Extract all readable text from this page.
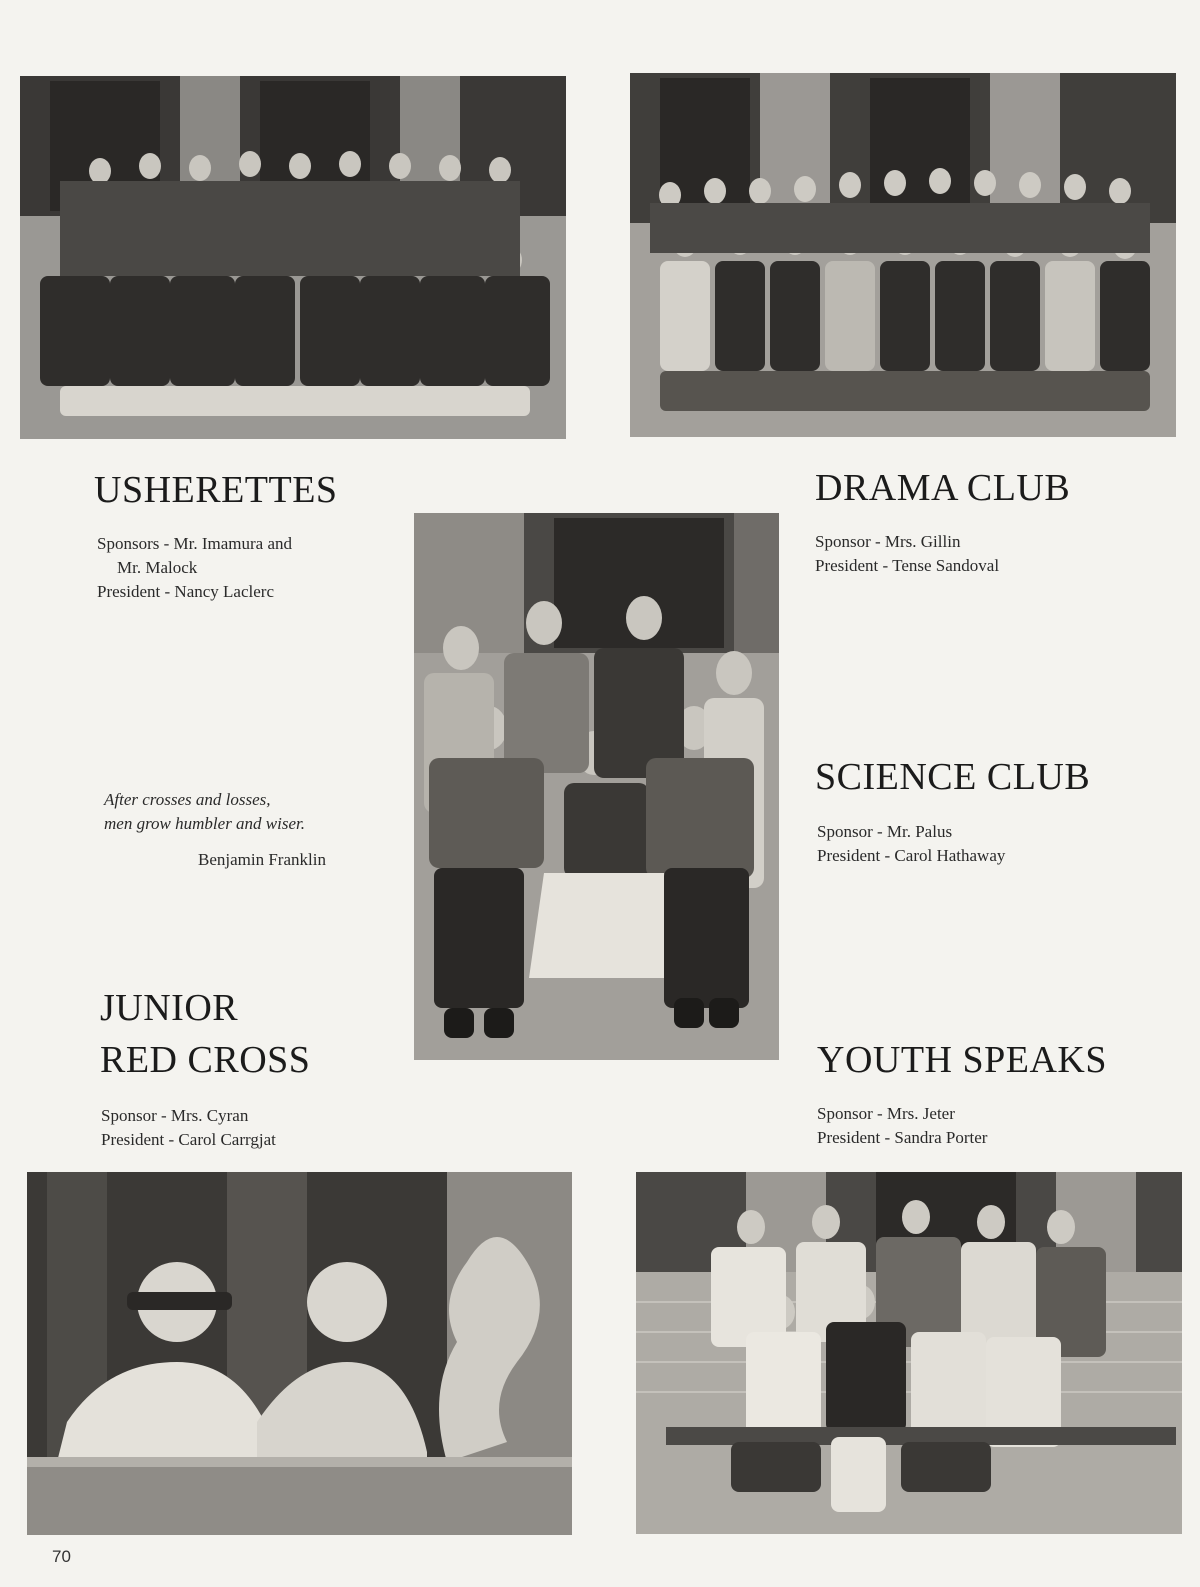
USHERETTES
Sponsors - Mr. Imamura and
Mr. Malock
President - Nancy Laclerc
DRAMA CLUB
Sponsor - Mrs. Gillin
President - Tense Sandoval
After crosses and losses,
men grow humbler and wiser.
Benjamin Franklin
SCIENCE CLUB
Sponsor - Mr. Palus
President - Carol Hathaway
JUNIOR
RED CROSS
Sponsor - Mrs. Cyran
President - Carol Carrgjat
YOUTH SPEAKS
Sponsor - Mrs. Jeter
President - Sandra Porter
70
